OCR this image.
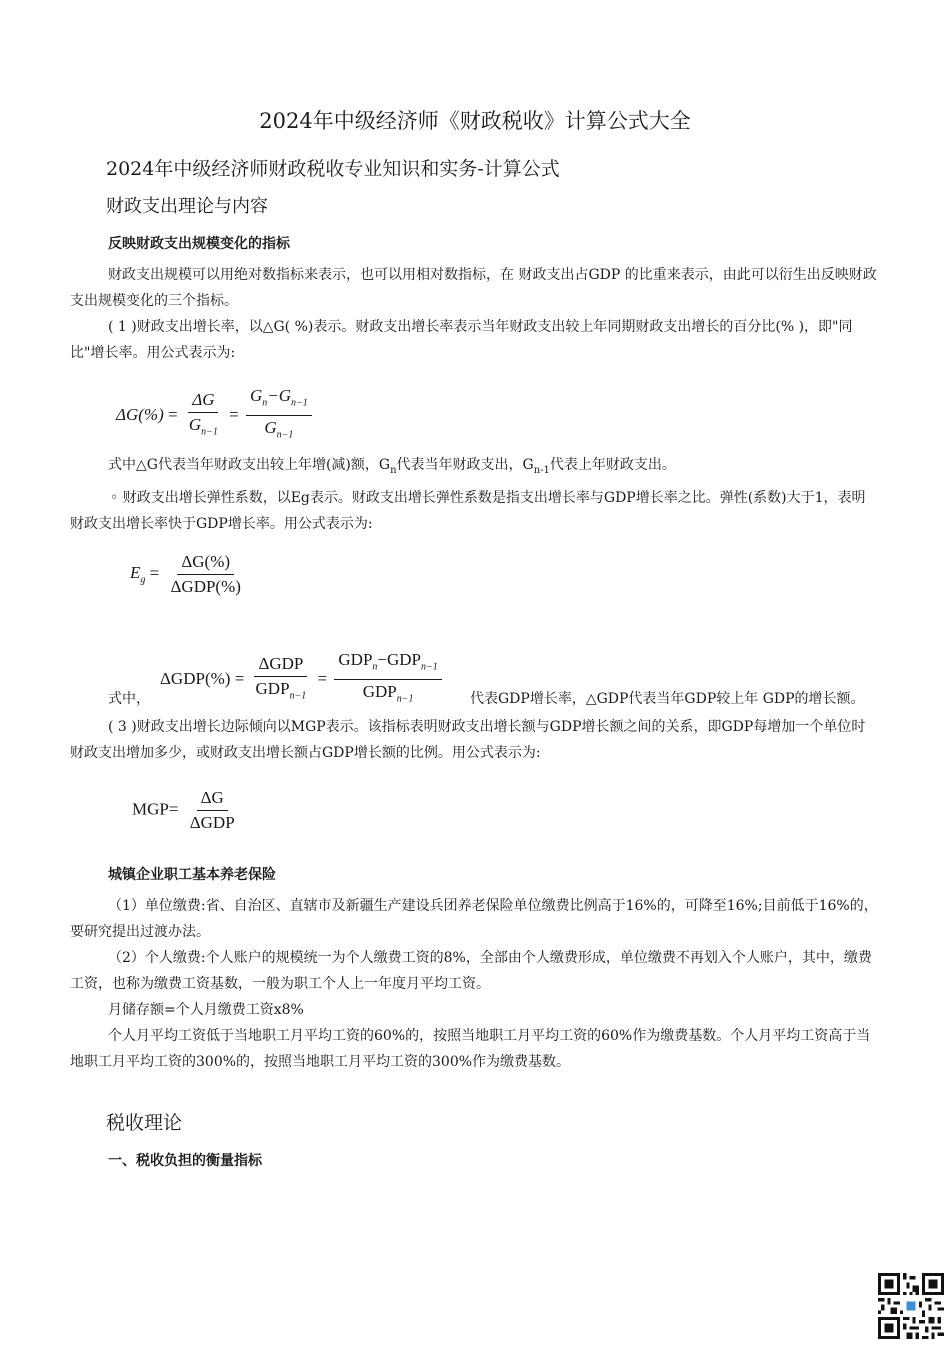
2024年中级经济师《财政税收》计算公式大全
2024年中级经济师财政税收专业知识和实务-计算公式
财政支出理论与内容
反映财政支出规模变化的指标

财政支出规模可以用绝对数指标来表示，也可以用相对数指标，在 财政支出占GDP 的比重来表示，由此可以衍生出反映财政支出规模变化的三个指标。

( 1 )财政支出增长率，以△G( %)表示。财政支出增长率表示当年财政支出较上年同期财政支出增长的百分比(% )，即"同比"增长率。用公式表示为:

$\Delta G(\%) = \frac{\Delta G}{G_{n-1}} = \frac{G_n-G_{n-1}}{G_{n-1}}$

式中△G代表当年财政支出较上年增(减)额，$G_n$代表当年财政支出，$G_{n-1}$代表上年财政支出。

◦ 财政支出增长弹性系数，以Eg表示。财政支出增长弹性系数是指支出增长率与GDP增长率之比。弹性(系数)大于1，表明财政支出增长率快于GDP增长率。用公式表示为:

$E_g = \frac{\Delta G(\%)}{\text{ΔGDP(\%)}}$
式中，
$\Delta GDP(\%) = \frac{\text{ΔGDP}}{GDP_{n-1}} = \frac{GDP_n-GDP_{n-1}}{GDP_{n-1}}$ 代表GDP增长率，△GDP代表当年GDP较上年 GDP的增长额。

( 3 )财政支出增长边际倾向以MGP表示。该指标表明财政支出增长额与GDP增长额之间的关系，即GDP每增加一个单位时财政支出增加多少，或财政支出增长额占GDP增长额的比例。用公式表示为:

$MGP= \frac{\Delta G}{\text{ΔGDP}}$
城镇企业职工基本养老保险

（1）单位缴费:省、自治区、直辖市及新疆生产建设兵团养老保险单位缴费比例高于16%的，可降至16%;目前低于16%的，要研究提出过渡办法。

（2）个人缴费:个人账户的规模统一为个人缴费工资的8%，全部由个人缴费形成，单位缴费不再划入个人账户，其中，缴费工资，也称为缴费工资基数，一般为职工个人上一年度月平均工资。

月储存额=个人月缴费工资x8%

个人月平均工资低于当地职工月平均工资的60%的，按照当地职工月平均工资的60%作为缴费基数。个人月平均工资高于当地职工月平均工资的300%的，按照当地职工月平均工资的300%作为缴费基数。

税收理论
一、税收负担的衡量指标
